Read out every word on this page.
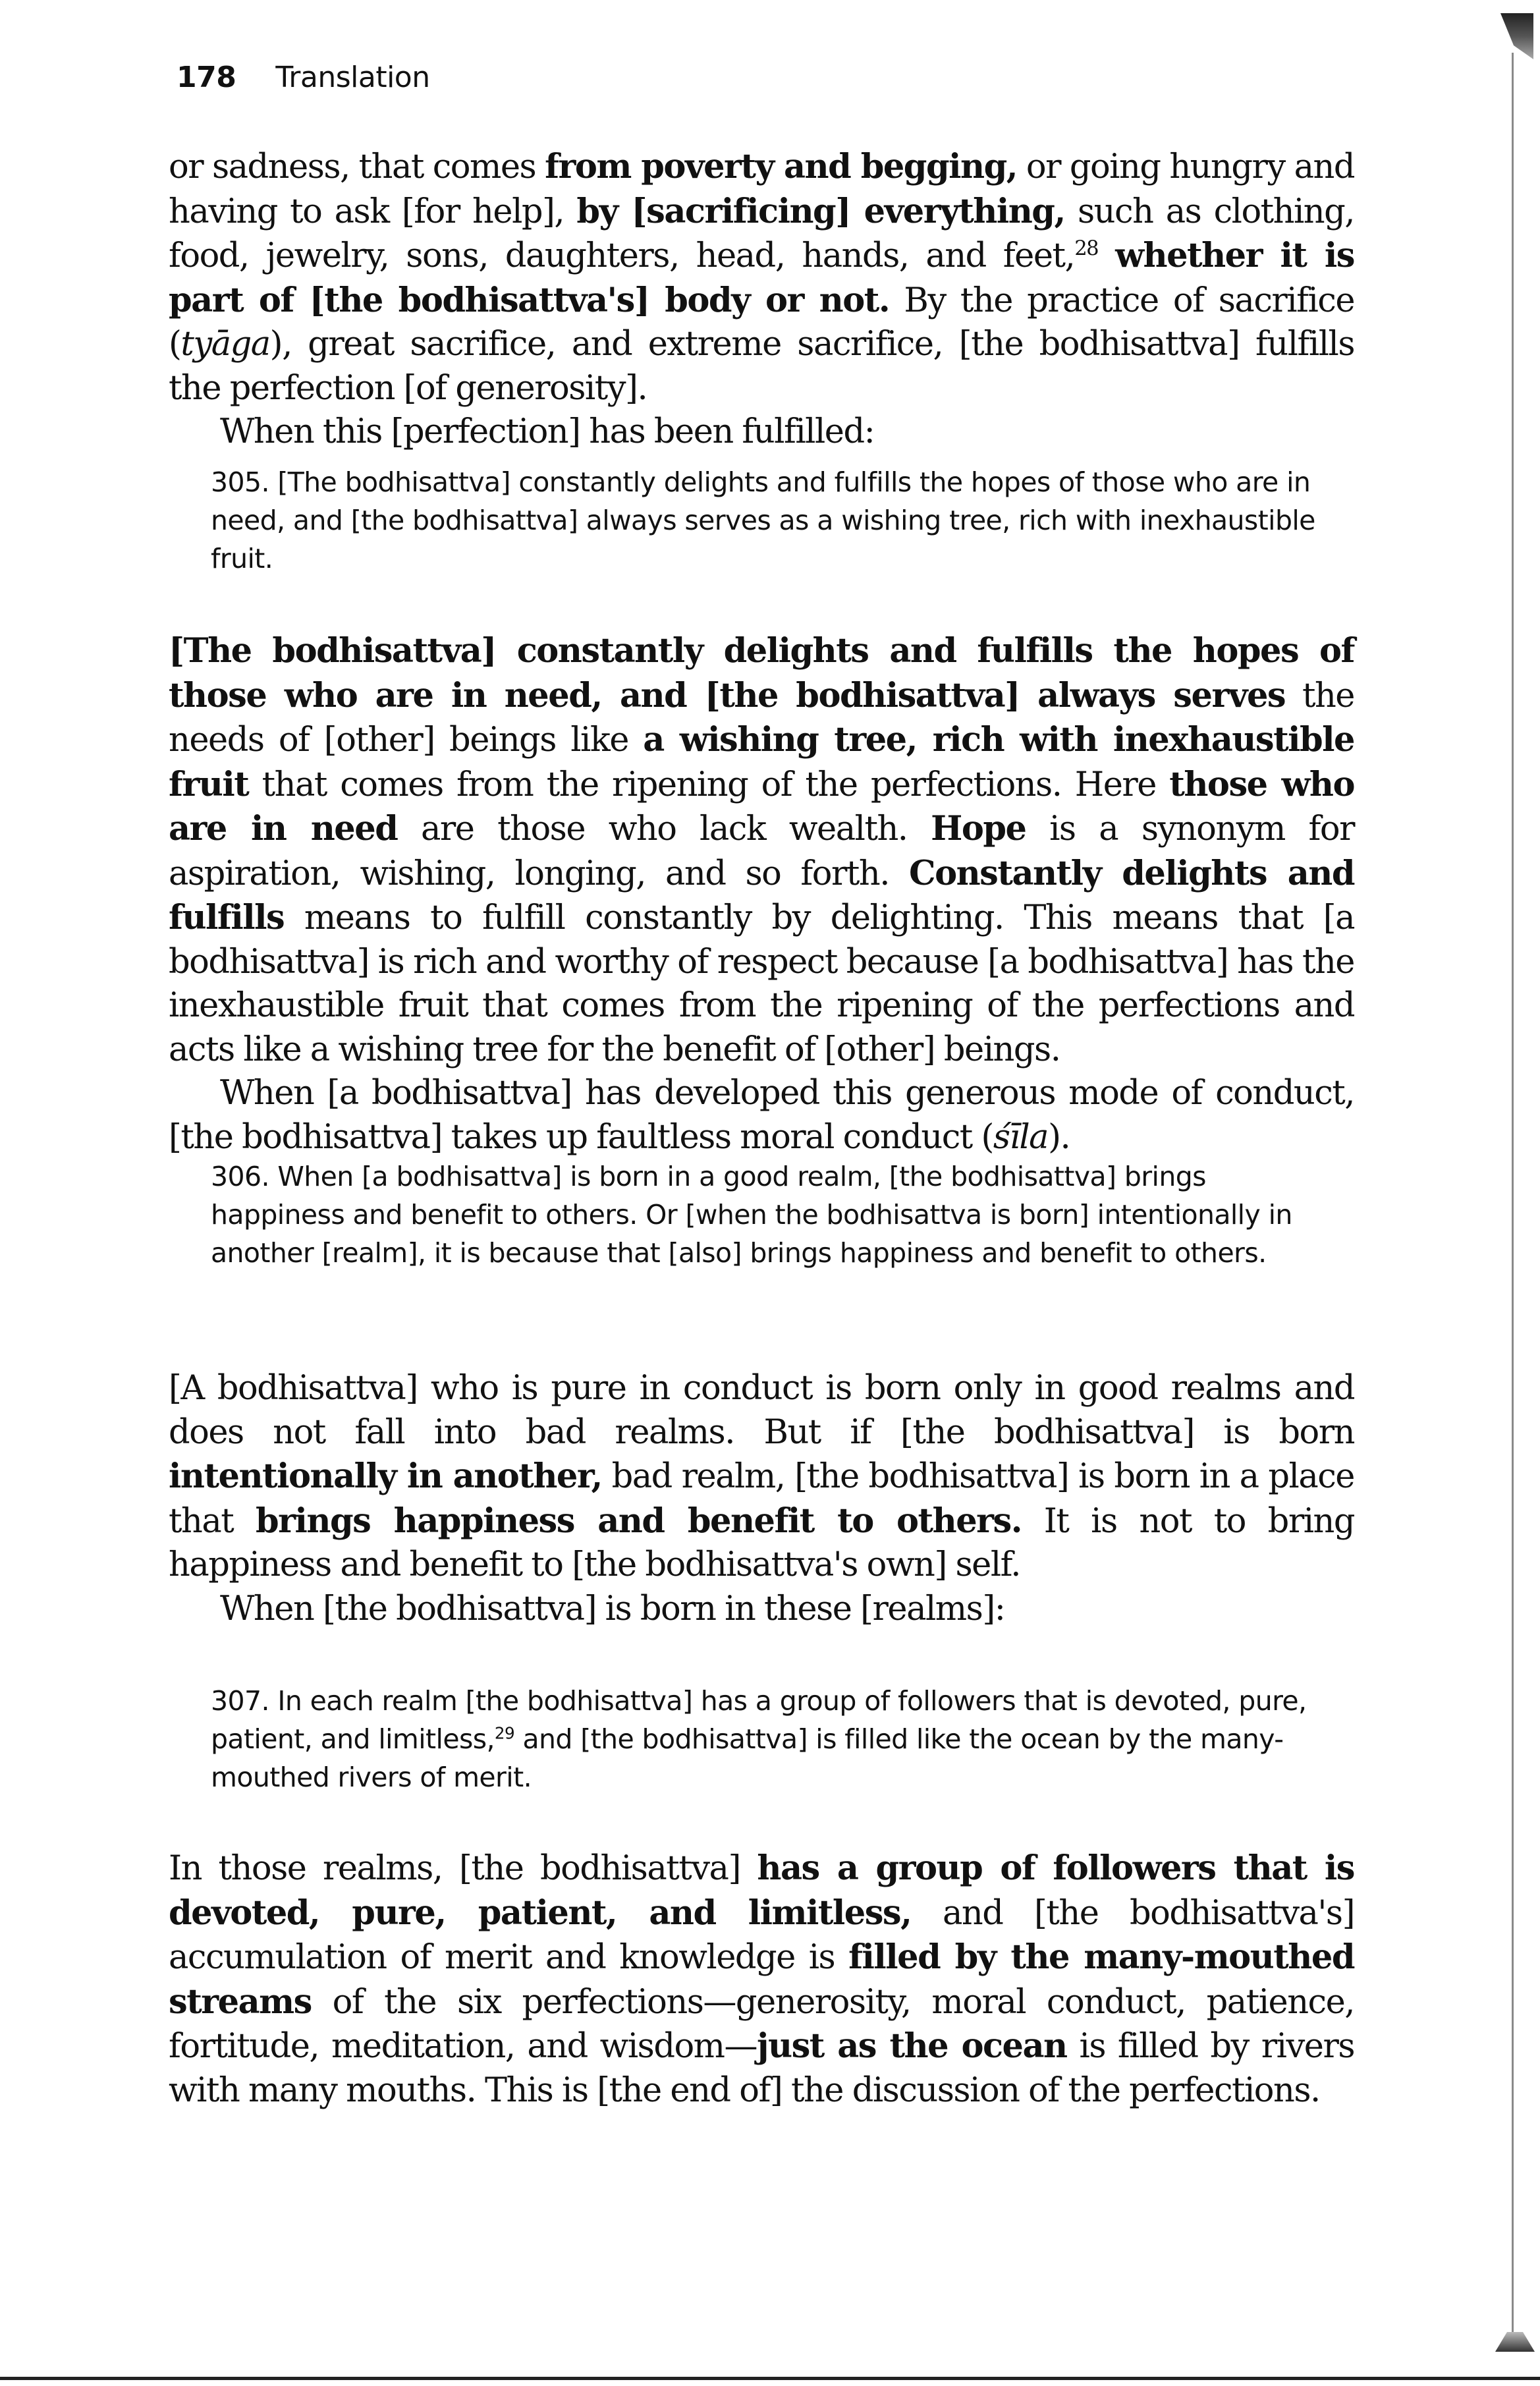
178 Translation

or sadness, that comes from poverty and begging, or going hungry and having to ask [for help], by [sacrificing] everything, such as clothing, food, jewelry, sons, daughters, head, hands, and feet,$^{28}$ whether it is part of [the bodhisattva's] body or not. By the practice of sacrifice (tyāga), great sacrifice, and extreme sacrifice, [the bodhisattva] fulfills the perfection [of generosity].

When this [perfection] has been fulfilled:

305. [The bodhisattva] constantly delights and fulfills the hopes of those who are in need, and [the bodhisattva] always serves as a wishing tree, rich with inexhaustible fruit.

[The bodhisattva] constantly delights and fulfills the hopes of those who are in need, and [the bodhisattva] always serves the needs of [other] beings like a wishing tree, rich with inexhaustible fruit that comes from the ripening of the perfections. Here those who are in need are those who lack wealth. Hope is a synonym for aspiration, wishing, longing, and so forth. Constantly delights and fulfills means to fulfill constantly by delighting. This means that [a bodhisattva] is rich and worthy of respect because [a bodhisattva] has the inexhaustible fruit that comes from the ripening of the perfections and acts like a wishing tree for the benefit of [other] beings.

When [a bodhisattva] has developed this generous mode of conduct, [the bodhisattva] takes up faultless moral conduct (śīla).

306. When [a bodhisattva] is born in a good realm, [the bodhisattva] brings happiness and benefit to others. Or [when the bodhisattva is born] intentionally in another [realm], it is because that [also] brings happiness and benefit to others.

[A bodhisattva] who is pure in conduct is born only in good realms and does not fall into bad realms. But if [the bodhisattva] is born intentionally in another, bad realm, [the bodhisattva] is born in a place that brings happiness and benefit to others. It is not to bring happiness and benefit to [the bodhisattva's own] self.

When [the bodhisattva] is born in these [realms]:

307. In each realm [the bodhisattva] has a group of followers that is devoted, pure, patient, and limitless,$^{29}$ and [the bodhisattva] is filled like the ocean by the many-mouthed rivers of merit.

In those realms, [the bodhisattva] has a group of followers that is devoted, pure, patient, and limitless, and [the bodhisattva's] accumulation of merit and knowledge is filled by the many-mouthed streams of the six perfections—generosity, moral conduct, patience, fortitude, meditation, and wisdom—just as the ocean is filled by rivers with many mouths. This is [the end of] the discussion of the perfections.
